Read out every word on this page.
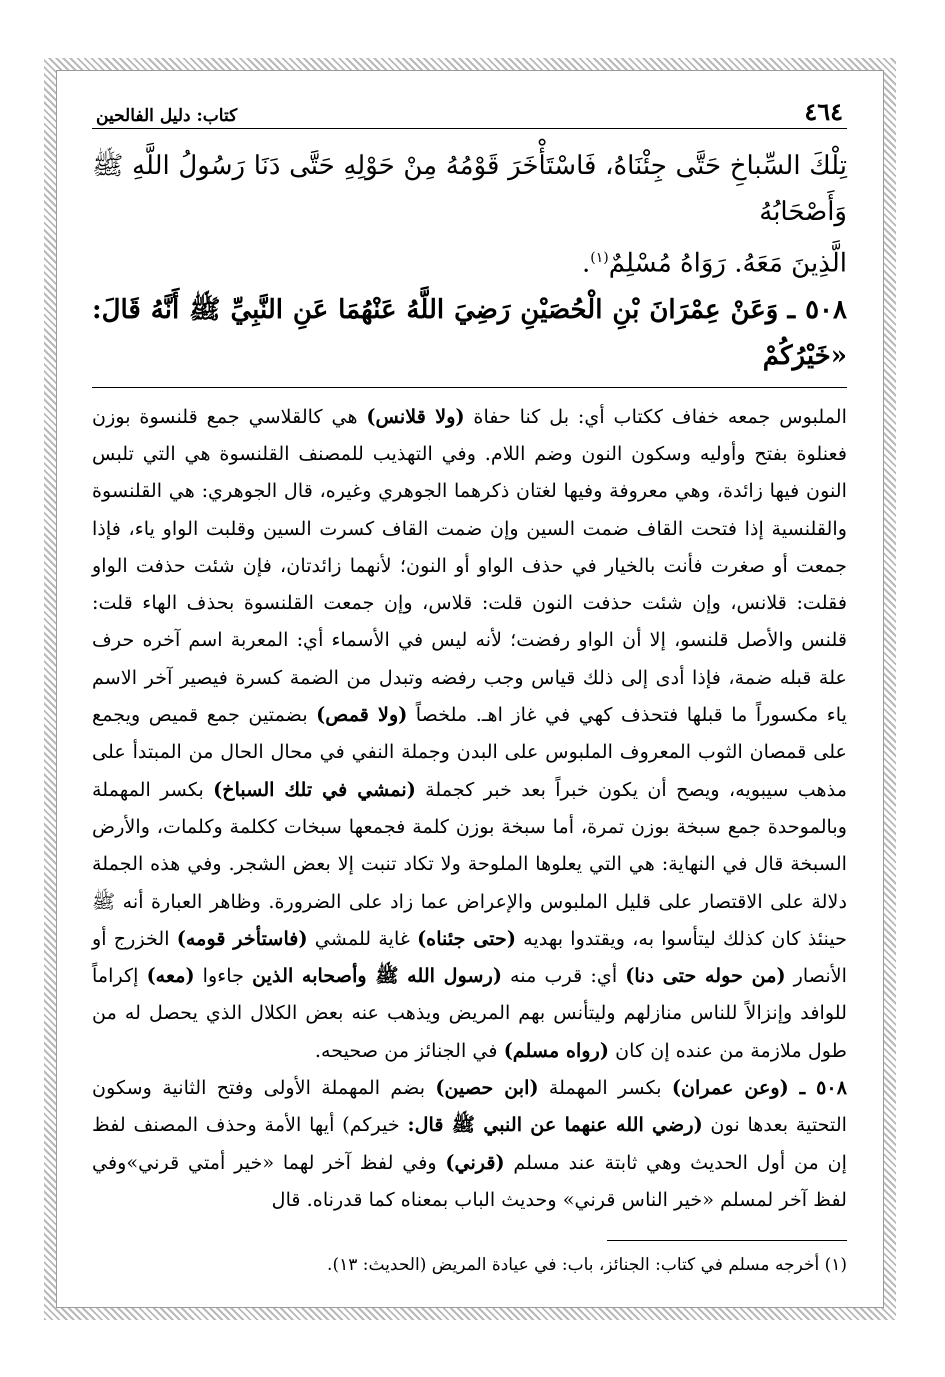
٤٦٤
كتاب: دليل الفالحين
تِلْكَ السِّباخِ حَتَّى جِئْنَاهُ، فَاسْتَأْخَرَ قَوْمُهُ مِنْ حَوْلِهِ حَتَّى دَنَا رَسُولُ اللَّهِ ﷺ وَأَصْحَابُهُ
الَّذِينَ مَعَهُ. رَوَاهُ مُسْلِمٌ$^{(١)}$.
٥٠٨ ـ وَعَنْ عِمْرَانَ بْنِ الْحُصَيْنِ رَضِيَ اللَّهُ عَنْهُمَا عَنِ النَّبِيِّ ﷺ أَنَّهُ قَالَ: «خَيْرُكُمْ

الملبوس جمعه خفاف ككتاب أي: بل كنا حفاة (ولا قلانس) هي كالقلاسي جمع قلنسوة بوزن فعنلوة بفتح وأوليه وسكون النون وضم اللام. وفي التهذيب للمصنف القلنسوة هي التي تلبس النون فيها زائدة، وهي معروفة وفيها لغتان ذكرهما الجوهري وغيره، قال الجوهري: هي القلنسوة والقلنسية إذا فتحت القاف ضمت السين وإن ضمت القاف كسرت السين وقلبت الواو ياء، فإذا جمعت أو صغرت فأنت بالخيار في حذف الواو أو النون؛ لأنهما زائدتان، فإن شئت حذفت الواو فقلت: قلانس، وإن شئت حذفت النون قلت: قلاس، وإن جمعت القلنسوة بحذف الهاء قلت: قلنس والأصل قلنسو، إلا أن الواو رفضت؛ لأنه ليس في الأسماء أي: المعربة اسم آخره حرف علة قبله ضمة، فإذا أدى إلى ذلك قياس وجب رفضه وتبدل من الضمة كسرة فيصير آخر الاسم ياء مكسوراً ما قبلها فتحذف كهي في غاز اهـ. ملخصاً (ولا قمص) بضمتين جمع قميص ويجمع على قمصان الثوب المعروف الملبوس على البدن وجملة النفي في محال الحال من المبتدأ على مذهب سيبويه، ويصح أن يكون خبراً بعد خبر كجملة (نمشي في تلك السباخ) بكسر المهملة وبالموحدة جمع سبخة بوزن تمرة، أما سبخة بوزن كلمة فجمعها سبخات ككلمة وكلمات، والأرض السبخة قال في النهاية: هي التي يعلوها الملوحة ولا تكاد تنبت إلا بعض الشجر. وفي هذه الجملة دلالة على الاقتصار على قليل الملبوس والإعراض عما زاد على الضرورة. وظاهر العبارة أنه ﷺ حينئذ كان كذلك ليتأسوا به، ويقتدوا بهديه (حتى جئناه) غاية للمشي (فاستأخر قومه) الخزرج أو الأنصار (من حوله حتى دنا) أي: قرب منه (رسول الله ﷺ وأصحابه الذين جاءوا (معه) إكراماً للوافد وإنزالاً للناس منازلهم وليتأنس بهم المريض ويذهب عنه بعض الكلال الذي يحصل له من طول ملازمة من عنده إن كان (رواه مسلم) في الجنائز من صحيحه.

٥٠٨ ـ (وعن عمران) بكسر المهملة (ابن حصين) بضم المهملة الأولى وفتح الثانية وسكون التحتية بعدها نون (رضي الله عنهما عن النبي ﷺ قال: خيركم) أيها الأمة وحذف المصنف لفظ إن من أول الحديث وهي ثابتة عند مسلم (قرني) وفي لفظ آخر لهما «خير أمتي قرني»وفي لفظ آخر لمسلم «خير الناس قرني» وحديث الباب بمعناه كما قدرناه. قال

(١) أخرجه مسلم في كتاب: الجنائز، باب: في عيادة المريض (الحديث: ١٣).
